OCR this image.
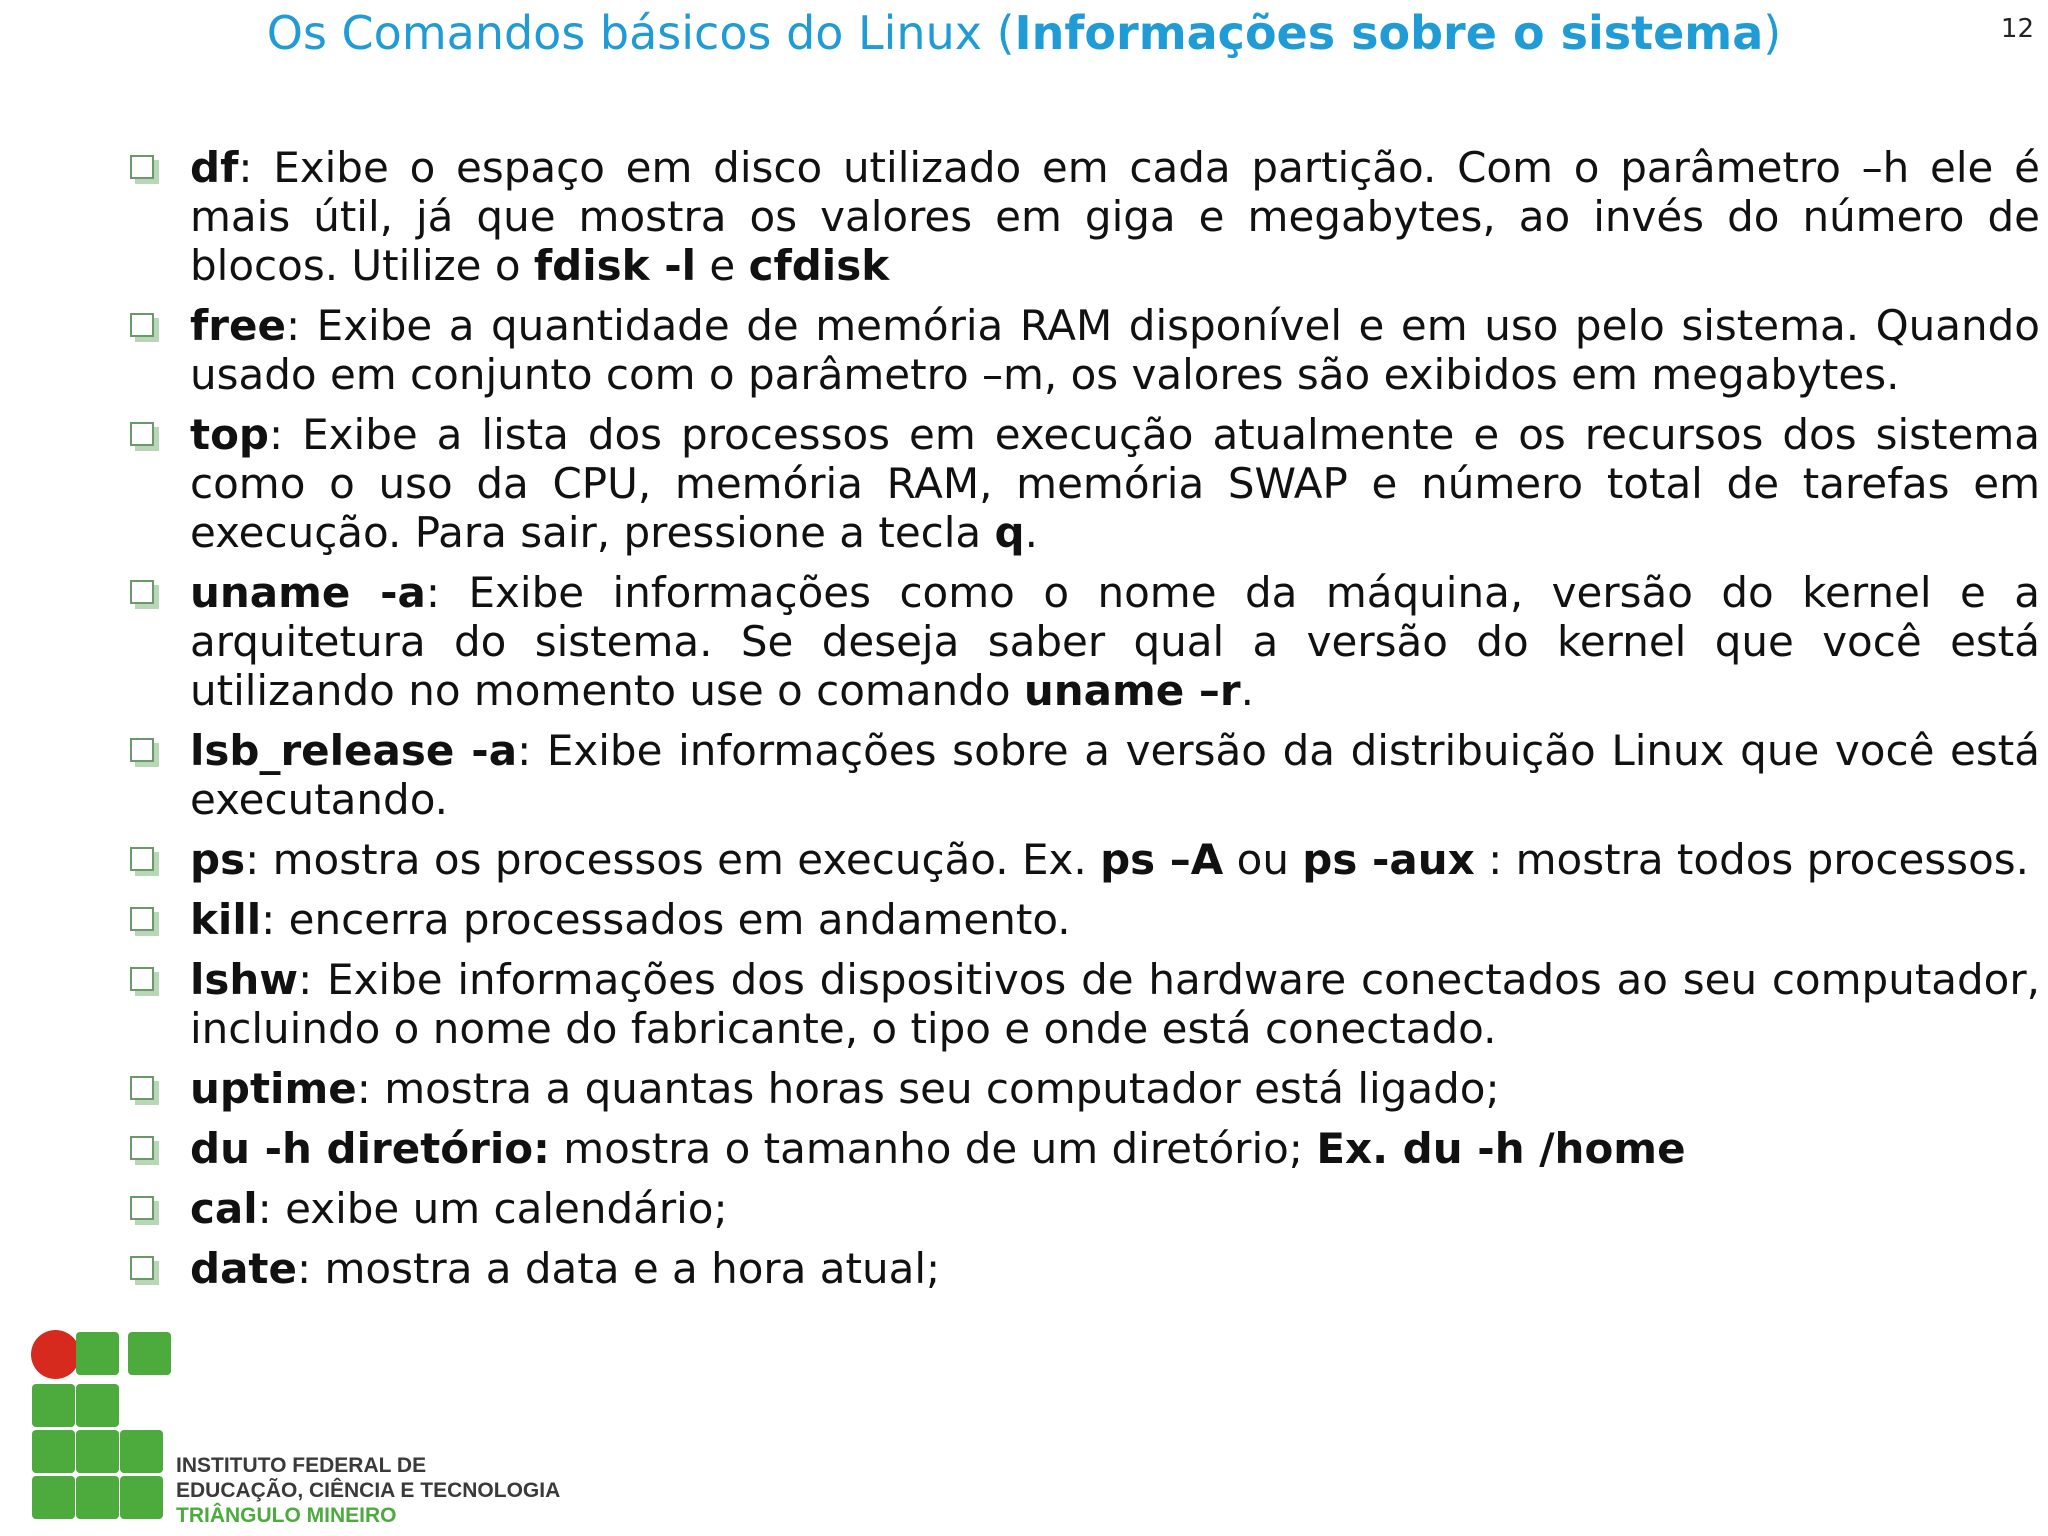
Os Comandos básicos do Linux (Informações sobre o sistema)	12
df: Exibe o espaço em disco utilizado em cada partição. Com o parâmetro –h ele é mais útil, já que mostra os valores em giga e megabytes, ao invés do número de blocos. Utilize o fdisk -l e cfdisk
free: Exibe a quantidade de memória RAM disponível e em uso pelo sistema. Quando usado em conjunto com o parâmetro –m, os valores são exibidos em megabytes.
top: Exibe a lista dos processos em execução atualmente e os recursos dos sistema como o uso da CPU, memória RAM, memória SWAP e número total de tarefas em execução. Para sair, pressione a tecla q.
uname -a: Exibe informações como o nome da máquina, versão do kernel e a arquitetura do sistema. Se deseja saber qual a versão do kernel que você está utilizando no momento use o comando uname –r.
lsb_release -a: Exibe informações sobre a versão da distribuição Linux que você está executando.
ps: mostra os processos em execução. Ex. ps –A ou ps -aux : mostra todos processos.
kill: encerra processados em andamento.
lshw: Exibe informações dos dispositivos de hardware conectados ao seu computador, incluindo o nome do fabricante, o tipo e onde está conectado.
uptime: mostra a quantas horas seu computador está ligado;
du -h diretório: mostra o tamanho de um diretório; Ex. du -h /home
cal: exibe um calendário;
date: mostra a data e a hora atual;
INSTITUTO FEDERAL DE
EDUCAÇÃO, CIÊNCIA E TECNOLOGIA
TRIÂNGULO MINEIRO
